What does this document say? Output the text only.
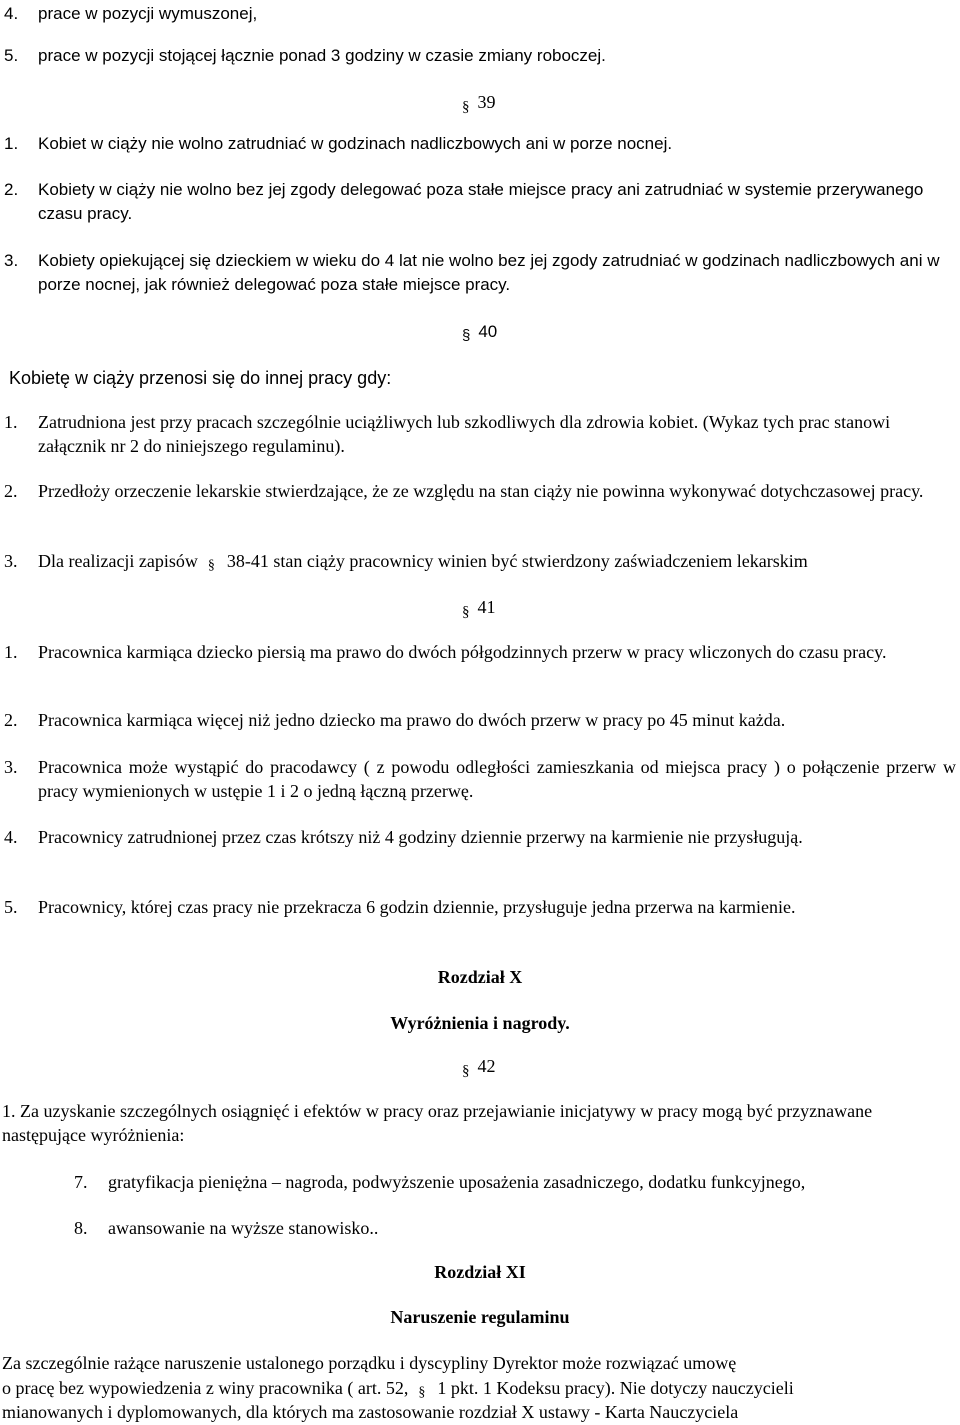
4.	prace w pozycji wymuszonej,
5.	prace w pozycji stojącej łącznie ponad 3 godziny w czasie zmiany roboczej.
§ 39
1.	Kobiet w ciąży nie wolno zatrudniać w godzinach nadliczbowych ani w porze nocnej.
2.	Kobiety w ciąży nie wolno bez jej zgody delegować poza stałe miejsce pracy ani zatrudniać w systemie przerywanego czasu pracy.
3.	Kobiety opiekującej się dzieckiem w wieku do 4 lat nie wolno bez jej zgody zatrudniać w godzinach nadliczbowych ani w porze nocnej, jak również delegować poza stałe miejsce pracy.
§ 40
Kobietę w ciąży przenosi się do innej pracy gdy:
1.	Zatrudniona jest przy pracach szczególnie uciążliwych lub szkodliwych dla zdrowia kobiet. (Wykaz tych prac stanowi załącznik nr 2 do niniejszego regulaminu).
2.	Przedłoży orzeczenie lekarskie stwierdzające, że ze względu na stan ciąży nie powinna wykonywać dotychczasowej pracy.
3.	Dla realizacji zapisów § 38-41 stan ciąży pracownicy winien być stwierdzony zaświadczeniem lekarskim
§ 41
1.	Pracownica karmiąca dziecko piersią ma prawo do dwóch półgodzinnych przerw w pracy wliczonych do czasu pracy.
2.	Pracownica karmiąca więcej niż jedno dziecko ma prawo do dwóch przerw w pracy po 45 minut każda.
3.	Pracownica może wystąpić do pracodawcy ( z powodu odległości zamieszkania od miejsca pracy ) o połączenie przerw w pracy wymienionych w ustępie 1 i 2 o jedną łączną przerwę.
4.	Pracownicy zatrudnionej przez czas krótszy niż 4 godziny dziennie przerwy na karmienie nie przysługują.
5.	Pracownicy, której czas pracy nie przekracza 6 godzin dziennie, przysługuje jedna przerwa na karmienie.
Rozdział X
Wyróżnienia i nagrody.
§ 42
1. Za uzyskanie szczególnych osiągnięć i efektów w pracy oraz przejawianie inicjatywy w pracy mogą być przyznawane następujące wyróżnienia:
7.	gratyfikacja pieniężna – nagroda, podwyższenie uposażenia zasadniczego, dodatku funkcyjnego,
8.	awansowanie na wyższe stanowisko..
Rozdział XI
Naruszenie regulaminu
Za szczególnie rażące naruszenie ustalonego porządku i dyscypliny Dyrektor może rozwiązać umowę
o pracę bez wypowiedzenia z winy pracownika ( art. 52, § 1 pkt. 1 Kodeksu pracy). Nie dotyczy nauczycieli
mianowanych i dyplomowanych, dla których ma zastosowanie rozdział X ustawy - Karta Nauczyciela
